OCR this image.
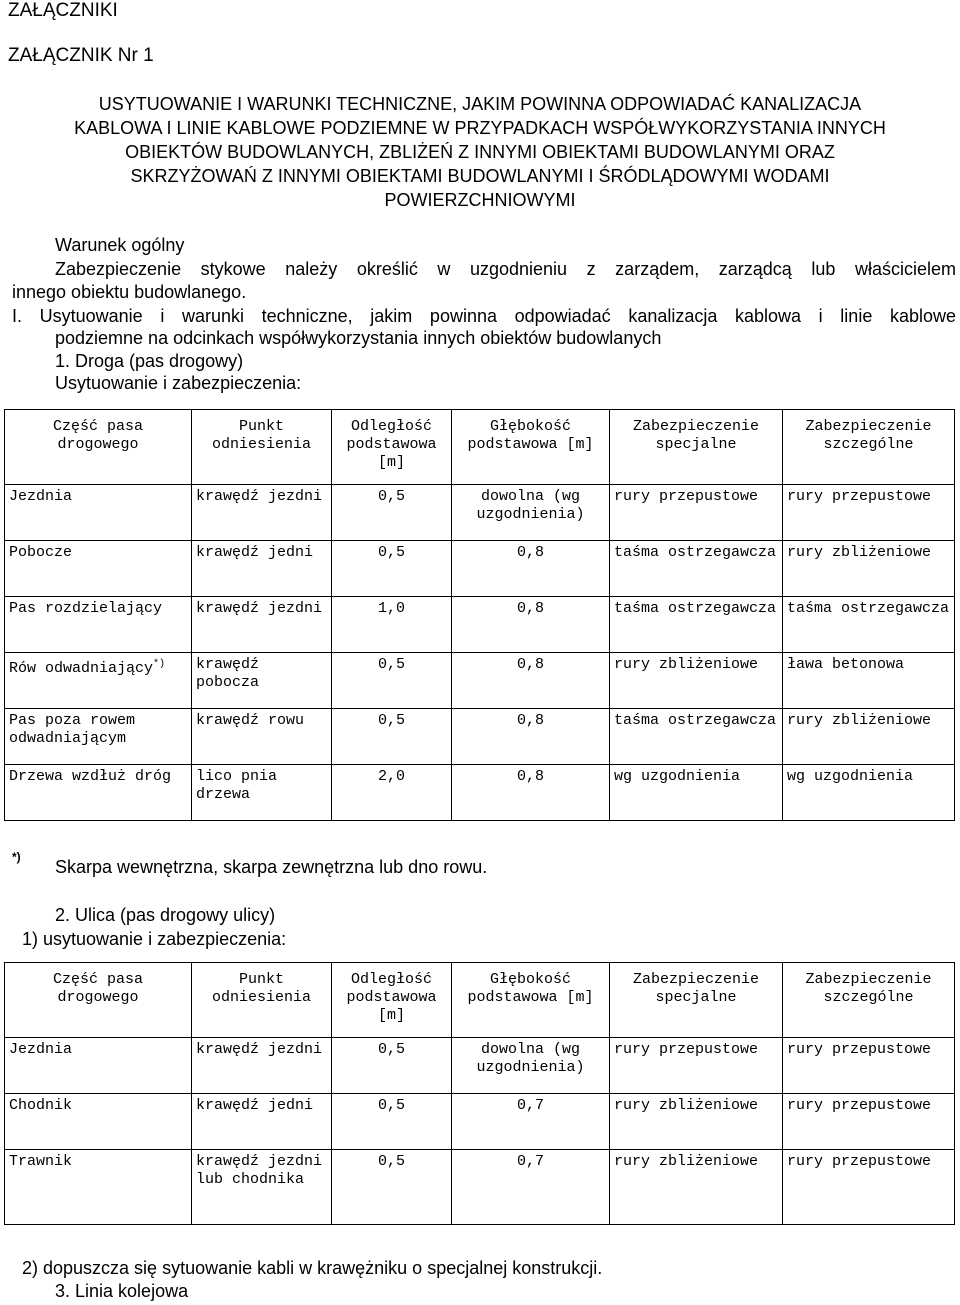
ZAŁĄCZNIKI
ZAŁĄCZNIK Nr 1
USYTUOWANIE I WARUNKI TECHNICZNE, JAKIM POWINNA ODPOWIADAĆ KANALIZACJA
KABLOWA I LINIE KABLOWE PODZIEMNE W PRZYPADKACH WSPÓŁWYKORZYSTANIA INNYCH
OBIEKTÓW BUDOWLANYCH, ZBLIŻEŃ Z INNYMI OBIEKTAMI BUDOWLANYMI ORAZ
SKRZYŻOWAŃ Z INNYMI OBIEKTAMI BUDOWLANYMI I ŚRÓDLĄDOWYMI WODAMI
POWIERZCHNIOWYMI
Warunek ogólny
Zabezpieczenie stykowe należy określić w uzgodnieniu z zarządem, zarządcą lub właścicielem
innego obiektu budowlanego.
I. Usytuowanie i warunki techniczne, jakim powinna odpowiadać kanalizacja kablowa i linie kablowe
podziemne na odcinkach współwykorzystania innych obiektów budowlanych
1. Droga (pas drogowy)
Usytuowanie i zabezpieczenia:
Część pasa drogowego	Punkt odniesienia	Odległość podstawowa [m]	Głębokość podstawowa [m]	Zabezpieczenie specjalne	Zabezpieczenie szczególne
Jezdnia	krawędź jezdni	0,5	dowolna (wg uzgodnienia)	rury przepustowe	rury przepustowe
Pobocze	krawędź jedni	0,5	0,8	taśma ostrzegawcza	rury zbliżeniowe
Pas rozdzielający	krawędź jezdni	1,0	0,8	taśma ostrzegawcza	taśma ostrzegawcza
Rów odwadniający*)	krawędź pobocza	0,5	0,8	rury zbliżeniowe	ława betonowa
Pas poza rowem odwadniającym	krawędź rowu	0,5	0,8	taśma ostrzegawcza	rury zbliżeniowe
Drzewa wzdłuż dróg	lico pnia drzewa	2,0	0,8	wg uzgodnienia	wg uzgodnienia
*) Skarpa wewnętrzna, skarpa zewnętrzna lub dno rowu.
2. Ulica (pas drogowy ulicy)
1) usytuowanie i zabezpieczenia:
Część pasa drogowego	Punkt odniesienia	Odległość podstawowa [m]	Głębokość podstawowa [m]	Zabezpieczenie specjalne	Zabezpieczenie szczególne
Jezdnia	krawędź jezdni	0,5	dowolna (wg uzgodnienia)	rury przepustowe	rury przepustowe
Chodnik	krawędź jedni	0,5	0,7	rury zbliżeniowe	rury przepustowe
Trawnik	krawędź jezdni lub chodnika	0,5	0,7	rury zbliżeniowe	rury przepustowe
2) dopuszcza się sytuowanie kabli w krawężniku o specjalnej konstrukcji.
3. Linia kolejowa
